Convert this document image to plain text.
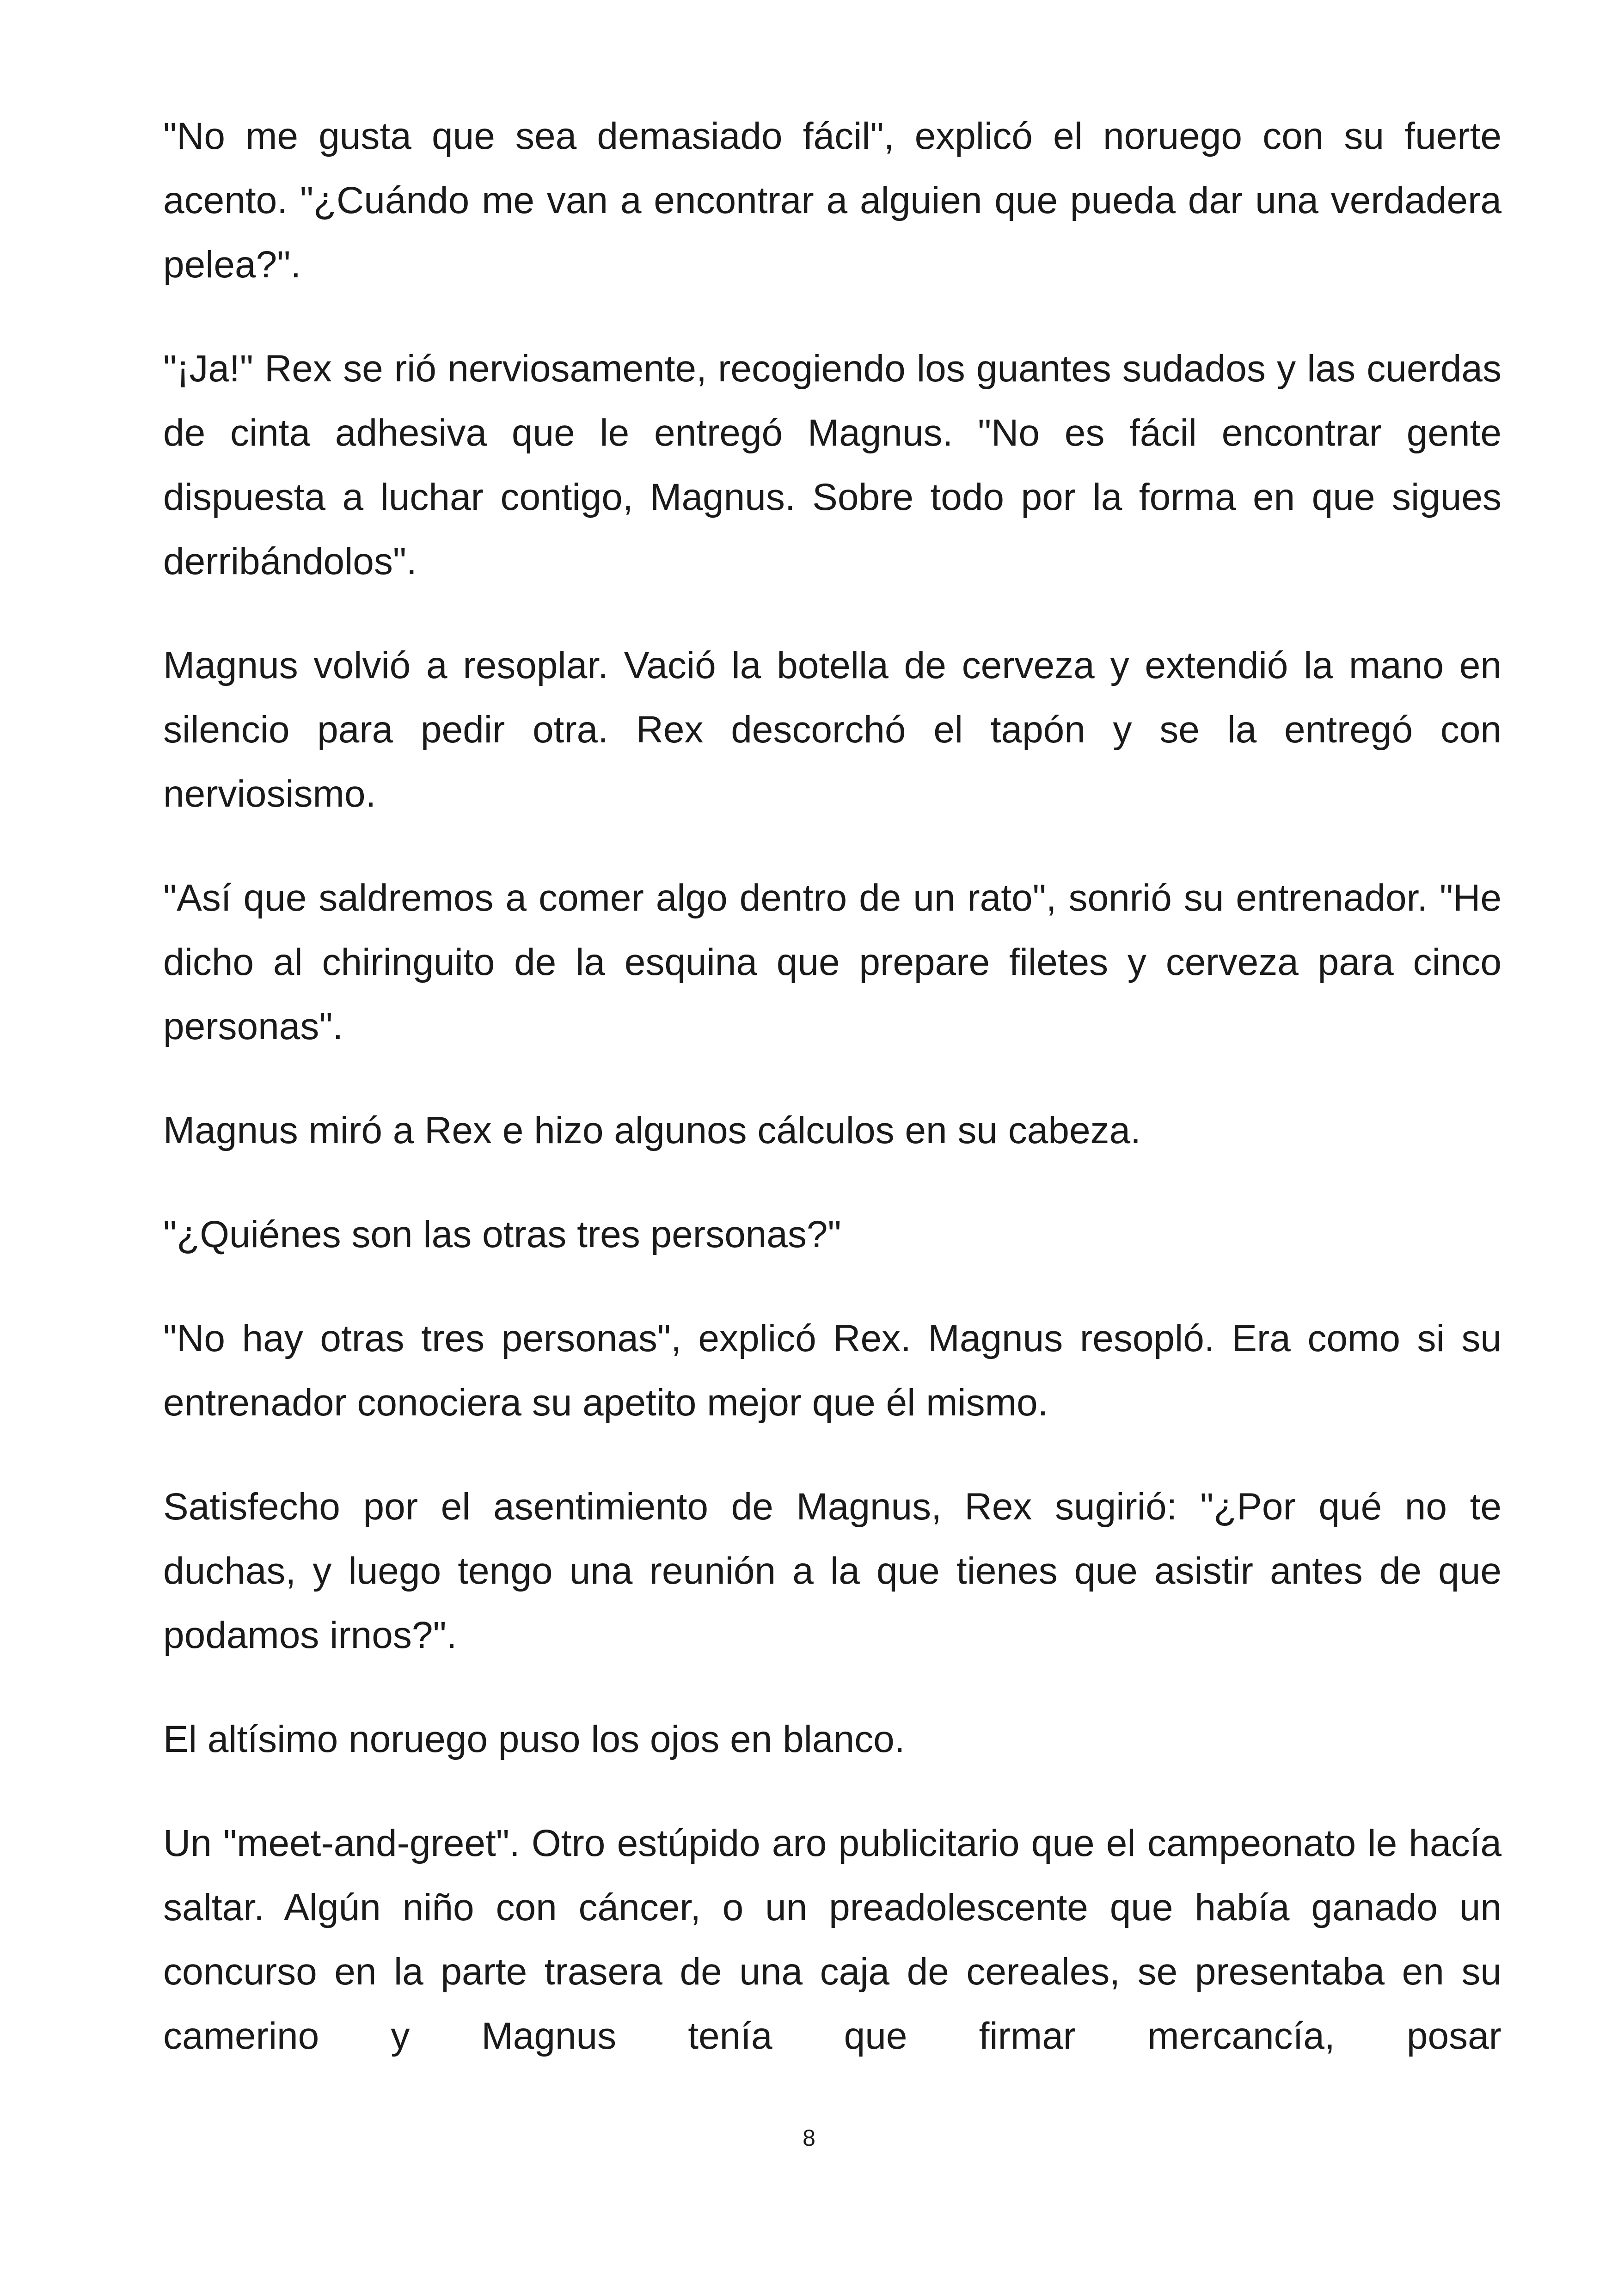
"No me gusta que sea demasiado fácil", explicó el noruego con su fuerte acento. "¿Cuándo me van a encontrar a alguien que pueda dar una verdadera pelea?".

"¡Ja!" Rex se rió nerviosamente, recogiendo los guantes sudados y las cuerdas de cinta adhesiva que le entregó Magnus. "No es fácil encontrar gente dispuesta a luchar contigo, Magnus. Sobre todo por la forma en que sigues derribándolos".

Magnus volvió a resoplar. Vació la botella de cerveza y extendió la mano en silencio para pedir otra. Rex descorchó el tapón y se la entregó con nerviosismo.

"Así que saldremos a comer algo dentro de un rato", sonrió su entrenador. "He dicho al chiringuito de la esquina que prepare filetes y cerveza para cinco personas".

Magnus miró a Rex e hizo algunos cálculos en su cabeza.

"¿Quiénes son las otras tres personas?"

"No hay otras tres personas", explicó Rex. Magnus resopló. Era como si su entrenador conociera su apetito mejor que él mismo.

Satisfecho por el asentimiento de Magnus, Rex sugirió: "¿Por qué no te duchas, y luego tengo una reunión a la que tienes que asistir antes de que podamos irnos?".

El altísimo noruego puso los ojos en blanco.

Un "meet-and-greet". Otro estúpido aro publicitario que el campeonato le hacía saltar. Algún niño con cáncer, o un preadolescente que había ganado un concurso en la parte trasera de una caja de cereales, se presentaba en su camerino y Magnus tenía que firmar mercancía, posar

8
